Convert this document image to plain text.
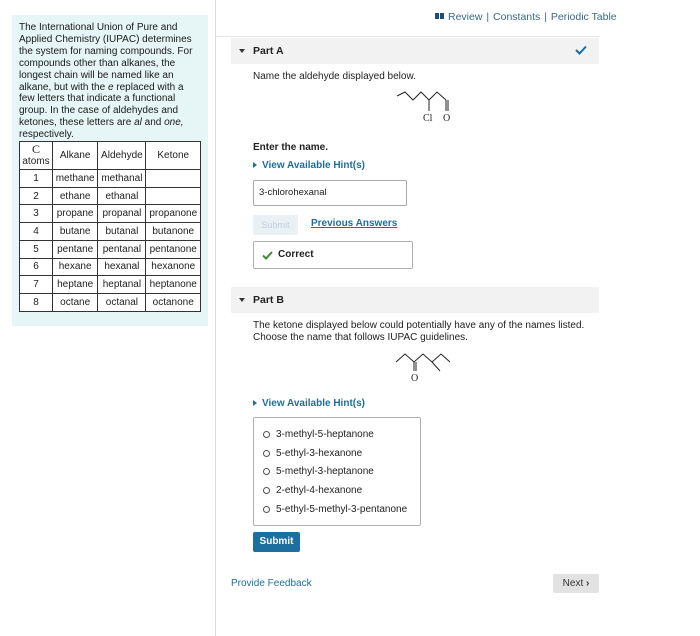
The International Union of Pure and Applied Chemistry (IUPAC) determines the system for naming compounds. For compounds other than alkanes, the longest chain will be named like an alkane, but with the e replaced with a few letters that indicate a functional group. In the case of aldehydes and ketones, these letters are al and one, respectively.

C
atoms	Alkane	Aldehyde	Ketone
1	methane	methanal	
2	ethane	ethanal	
3	propane	propanal	propanone
4	butane	butanal	butanone
5	pentane	pentanal	pentanone
6	hexane	hexanal	hexanone
7	heptane	heptanal	heptanone
8	octane	octanal	octanone
Review | Constants | Periodic Table
Part A
Name the aldehyde displayed below.
Cl O
Enter the name.
View Available Hint(s)
3-chlorohexanal
Submit	Previous Answers
Correct
Part B
The ketone displayed below could potentially have any of the names listed. Choose the name that follows IUPAC guidelines.
O
View Available Hint(s)
3-methyl-5-heptanone
5-ethyl-3-hexanone
5-methyl-3-heptanone
2-ethyl-4-hexanone
5-ethyl-5-methyl-3-pentanone
Submit
Provide Feedback	Next ›
